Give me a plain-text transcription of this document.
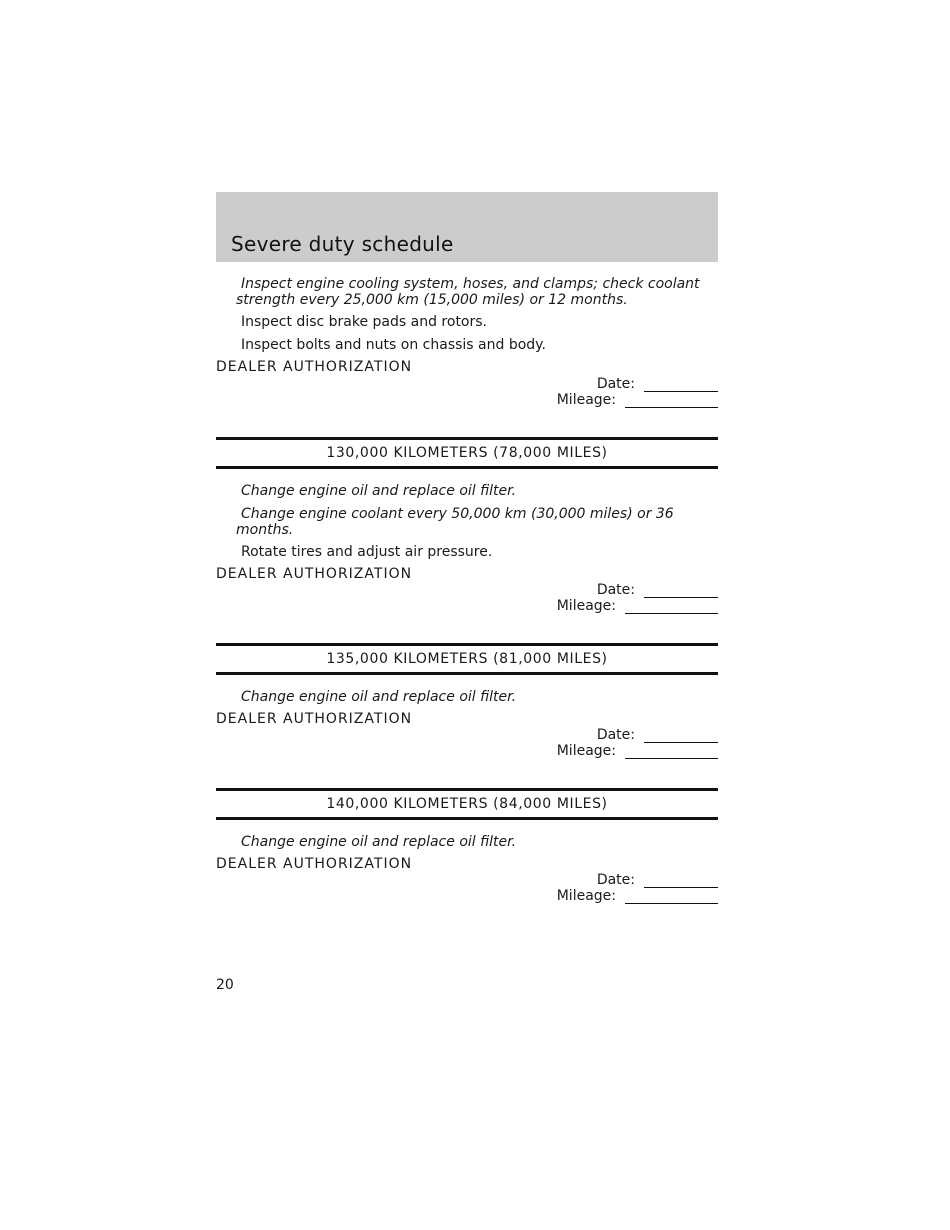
Severe duty schedule

Inspect engine cooling system, hoses, and clamps; check coolant strength every 25,000 km (15,000 miles) or 12 months.

Inspect disc brake pads and rotors.

Inspect bolts and nuts on chassis and body.

DEALER AUTHORIZATION
Date:
Mileage:
130,000 KILOMETERS (78,000 MILES)

Change engine oil and replace oil filter.

Change engine coolant every 50,000 km (30,000 miles) or 36 months.

Rotate tires and adjust air pressure.

DEALER AUTHORIZATION
Date:
Mileage:
135,000 KILOMETERS (81,000 MILES)

Change engine oil and replace oil filter.

DEALER AUTHORIZATION
Date:
Mileage:
140,000 KILOMETERS (84,000 MILES)

Change engine oil and replace oil filter.

DEALER AUTHORIZATION
Date:
Mileage:
20
